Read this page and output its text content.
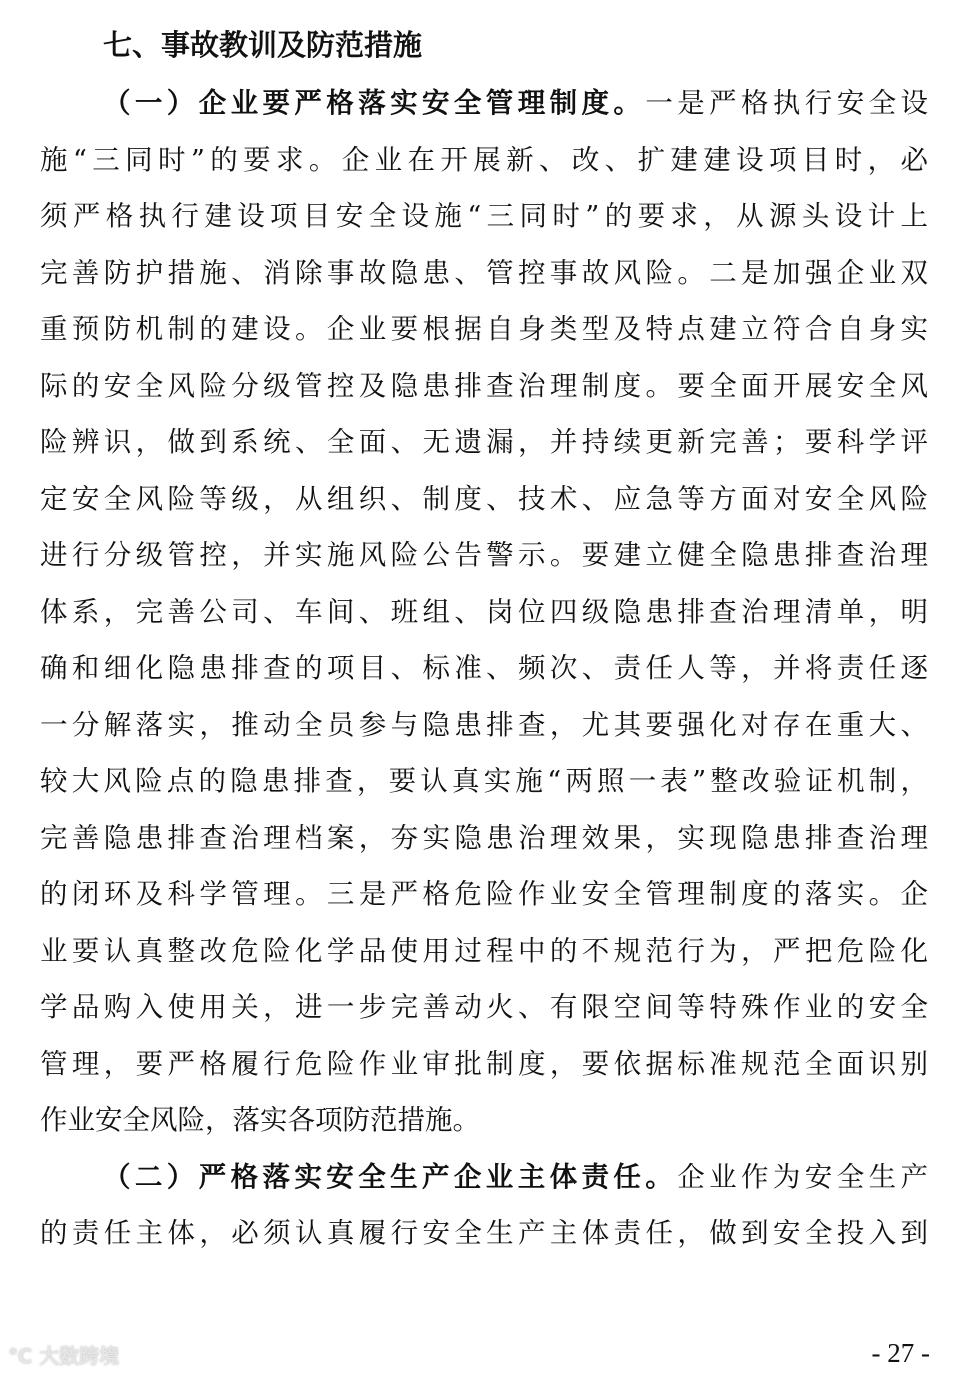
七、事故教训及防范措施
（一）企业要严格落实安全管理制度。一是严格执行安全设
施“三同时”的要求。企业在开展新、改、扩建建设项目时，必
须严格执行建设项目安全设施“三同时”的要求，从源头设计上
完善防护措施、消除事故隐患、管控事故风险。二是加强企业双
重预防机制的建设。企业要根据自身类型及特点建立符合自身实
际的安全风险分级管控及隐患排查治理制度。要全面开展安全风
险辨识，做到系统、全面、无遗漏，并持续更新完善；要科学评
定安全风险等级，从组织、制度、技术、应急等方面对安全风险
进行分级管控，并实施风险公告警示。要建立健全隐患排查治理
体系，完善公司、车间、班组、岗位四级隐患排查治理清单，明
确和细化隐患排查的项目、标准、频次、责任人等，并将责任逐
一分解落实，推动全员参与隐患排查，尤其要强化对存在重大、
较大风险点的隐患排查，要认真实施“两照一表”整改验证机制，
完善隐患排查治理档案，夯实隐患治理效果，实现隐患排查治理
的闭环及科学管理。三是严格危险作业安全管理制度的落实。企
业要认真整改危险化学品使用过程中的不规范行为，严把危险化
学品购入使用关，进一步完善动火、有限空间等特殊作业的安全
管理，要严格履行危险作业审批制度，要依据标准规范全面识别
作业安全风险，落实各项防范措施。
（二）严格落实安全生产企业主体责任。企业作为安全生产
的责任主体，必须认真履行安全生产主体责任，做到安全投入到
℃ 大数跨境	- 27 -
